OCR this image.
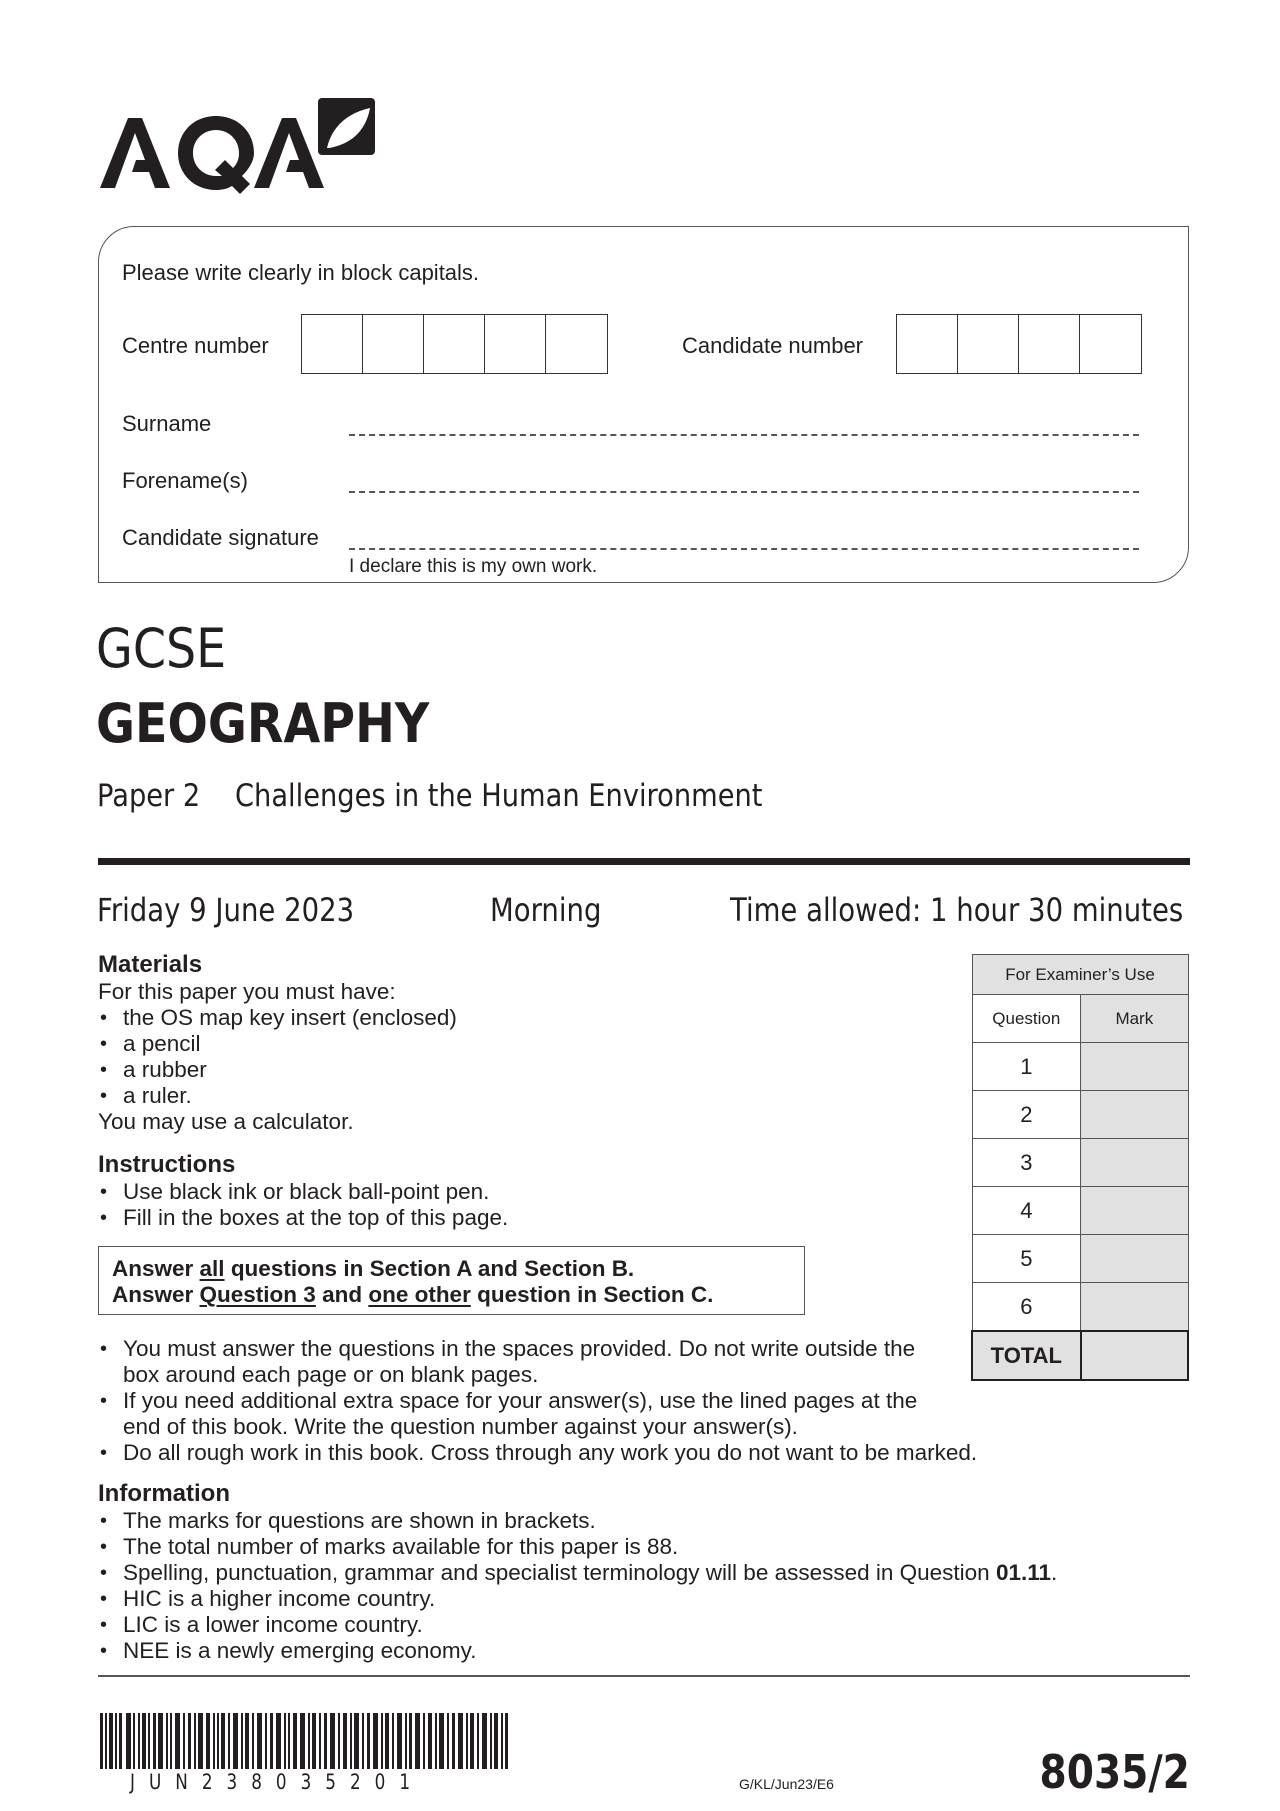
Please write clearly in block capitals.
Centre number	Candidate number
Surname
Forename(s)
Candidate signature
I declare this is my own work.
GCSE
GEOGRAPHY
Paper 2 Challenges in the Human Environment
Friday 9 June 2023	Morning	Time allowed: 1 hour 30 minutes
Materials
For this paper you must have:
• the OS map key insert (enclosed)
• a pencil
• a rubber
• a ruler.
You may use a calculator.
Instructions
• Use black ink or black ball-point pen.
• Fill in the boxes at the top of this page.
Answer all questions in Section A and Section B.
Answer Question 3 and one other question in Section C.
• You must answer the questions in the spaces provided. Do not write outside the box around each page or on blank pages.
• If you need additional extra space for your answer(s), use the lined pages at the end of this book. Write the question number against your answer(s).
• Do all rough work in this book. Cross through any work you do not want to be marked.
Information
• The marks for questions are shown in brackets.
• The total number of marks available for this paper is 88.
• Spelling, punctuation, grammar and specialist terminology will be assessed in Question 01.11.
• HIC is a higher income country.
• LIC is a lower income country.
• NEE is a newly emerging economy.
For Examiner’s Use	
Question	Mark
1	
2	
3	
4	
5	
6	
TOTAL	
JUN238035201	G/KL/Jun23/E6	8035/2
